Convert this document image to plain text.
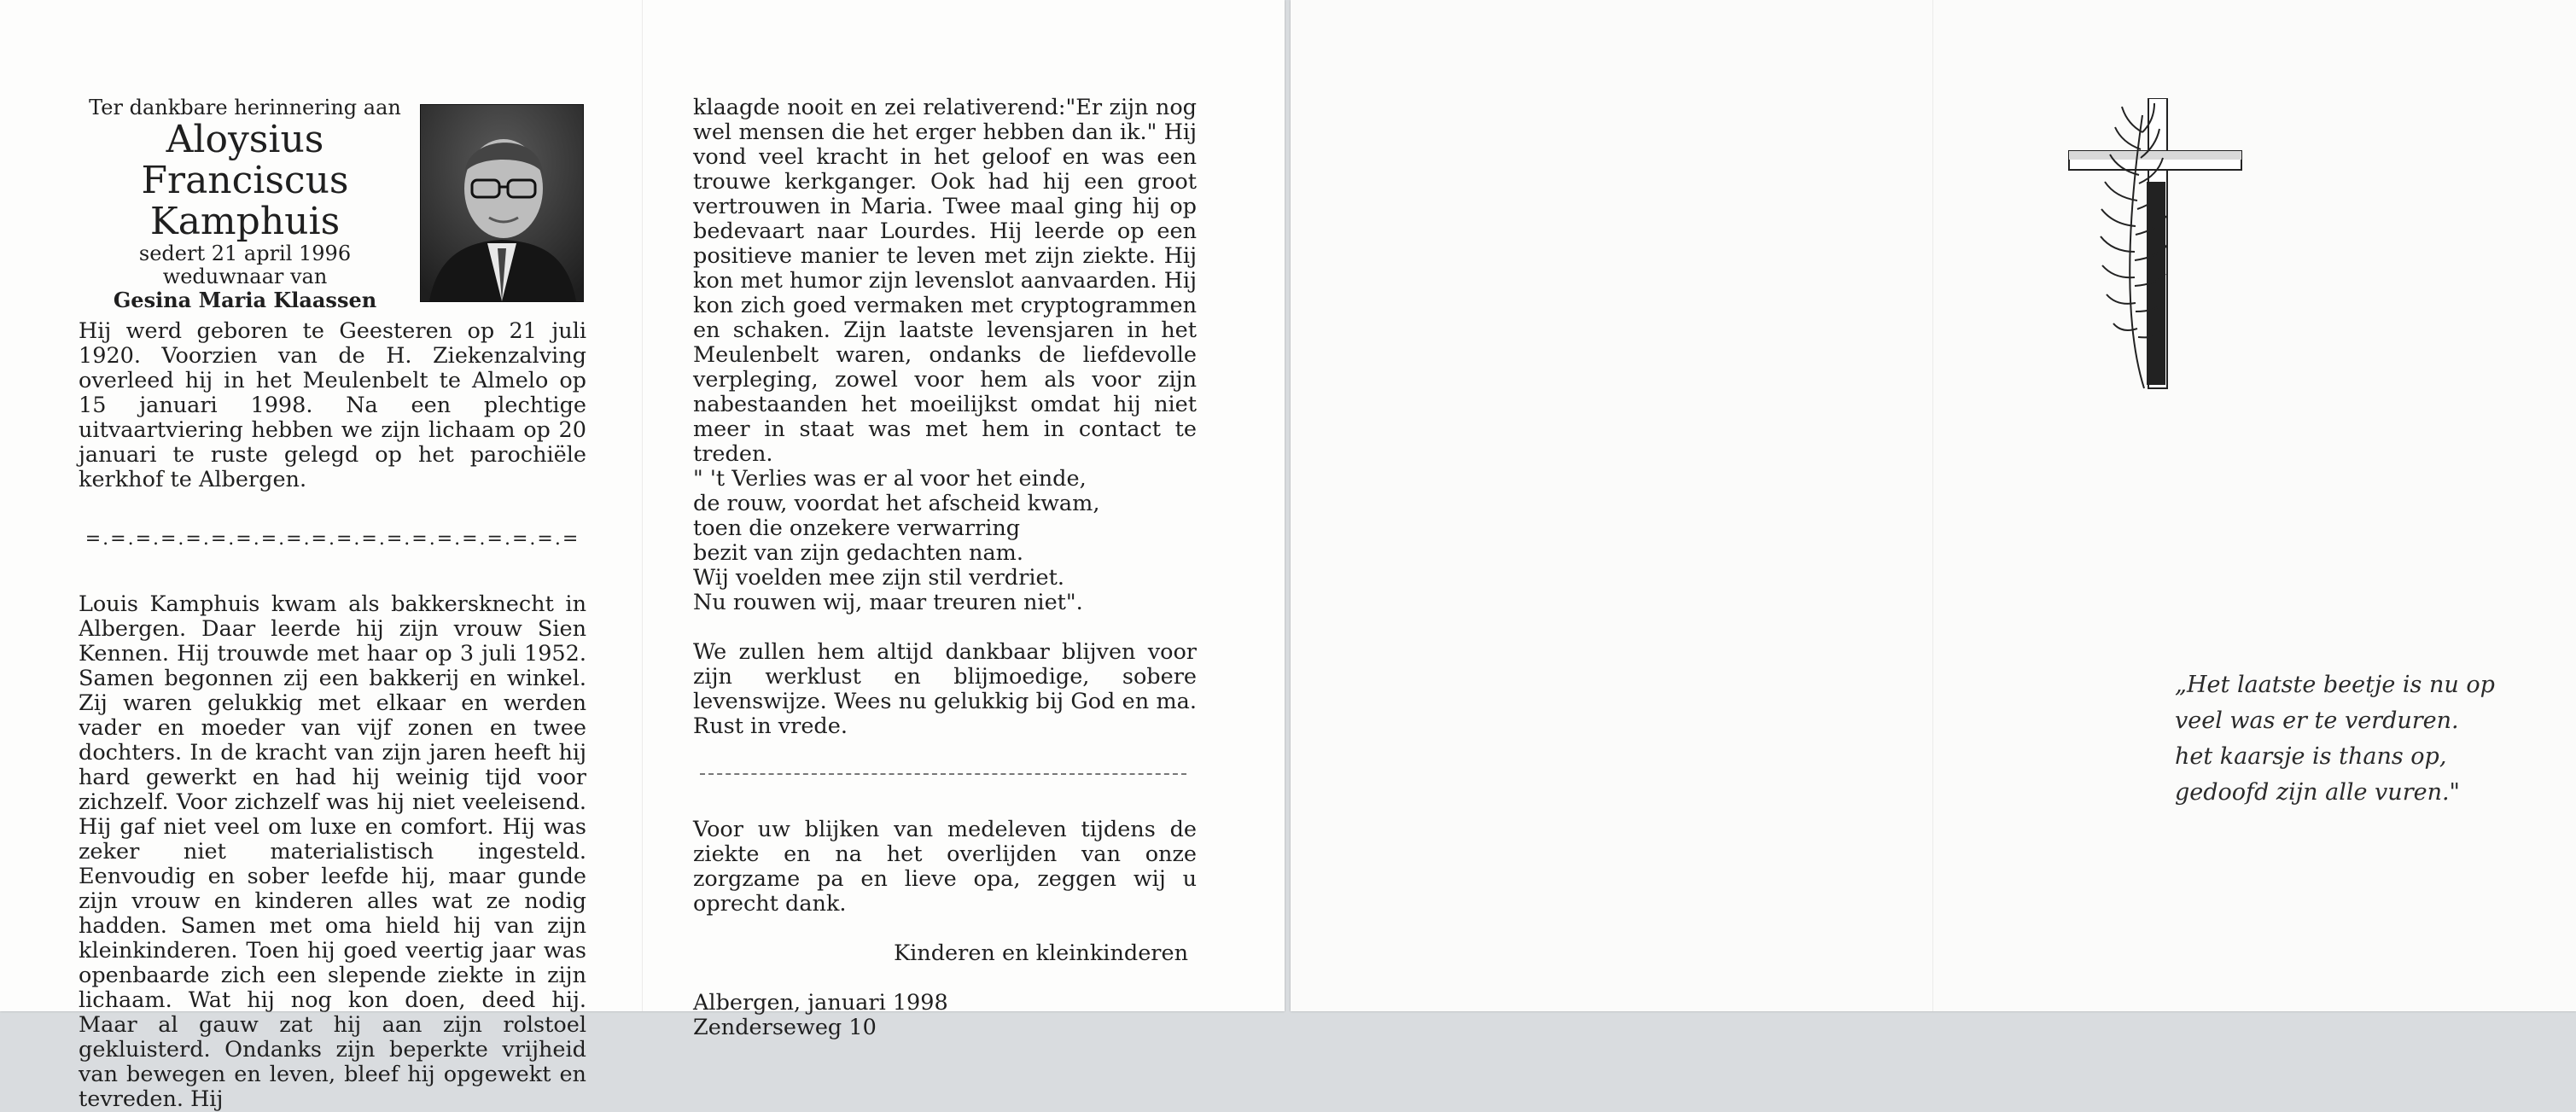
Ter dankbare herinnering aan
Aloysius Franciscus
Kamphuis
sedert 21 april 1996
weduwnaar van
Gesina Maria Klaassen

Hij werd geboren te Geesteren op 21 juli 1920. Voorzien van de H. Ziekenzalving overleed hij in het Meulenbelt te Almelo op 15 januari 1998. Na een plechtige uitvaartviering hebben we zijn lichaam op 20 januari te ruste gelegd op het parochiële kerkhof te Albergen.

=.=.=.=.=.=.=.=.=.=.=.=.=.=.=.=.=.=.=.=

Louis Kamphuis kwam als bakkersknecht in Albergen. Daar leerde hij zijn vrouw Sien Kennen. Hij trouwde met haar op 3 juli 1952. Samen begonnen zij een bakkerij en winkel. Zij waren gelukkig met elkaar en werden vader en moeder van vijf zonen en twee dochters. In de kracht van zijn jaren heeft hij hard gewerkt en had hij weinig tijd voor zichzelf. Voor zichzelf was hij niet veeleisend. Hij gaf niet veel om luxe en comfort. Hij was zeker niet materialistisch ingesteld. Eenvoudig en sober leefde hij, maar gunde zijn vrouw en kinderen alles wat ze nodig hadden. Samen met oma hield hij van zijn kleinkinderen. Toen hij goed veertig jaar was openbaarde zich een slepende ziekte in zijn lichaam. Wat hij nog kon doen, deed hij. Maar al gauw zat hij aan zijn rolstoel gekluisterd. Ondanks zijn beperkte vrijheid van bewegen en leven, bleef hij opgewekt en tevreden. Hij

klaagde nooit en zei relativerend:"Er zijn nog wel mensen die het erger hebben dan ik." Hij vond veel kracht in het geloof en was een trouwe kerkganger. Ook had hij een groot vertrouwen in Maria. Twee maal ging hij op bedevaart naar Lourdes. Hij leerde op een positieve manier te leven met zijn ziekte. Hij kon met humor zijn levenslot aanvaarden. Hij kon zich goed vermaken met cryptogrammen en schaken. Zijn laatste levensjaren in het Meulenbelt waren, ondanks de liefdevolle verpleging, zowel voor hem als voor zijn nabestaanden het moeilijkst omdat hij niet meer in staat was met hem in contact te treden.

" 't Verlies was er al voor het einde,

de rouw, voordat het afscheid kwam,

toen die onzekere verwarring

bezit van zijn gedachten nam.

Wij voelden mee zijn stil verdriet.

Nu rouwen wij, maar treuren niet".

We zullen hem altijd dankbaar blijven voor zijn werklust en blijmoedige, sobere levenswijze. Wees nu gelukkig bij God en ma. Rust in vrede.

Voor uw blijken van medeleven tijdens de ziekte en na het overlijden van onze zorgzame pa en lieve opa, zeggen wij u oprecht dank.

Kinderen en kleinkinderen

Albergen, januari 1998

Zenderseweg 10

„Het laatste beetje is nu op
veel was er te verduren.
het kaarsje is thans op,
gedoofd zijn alle vuren."
